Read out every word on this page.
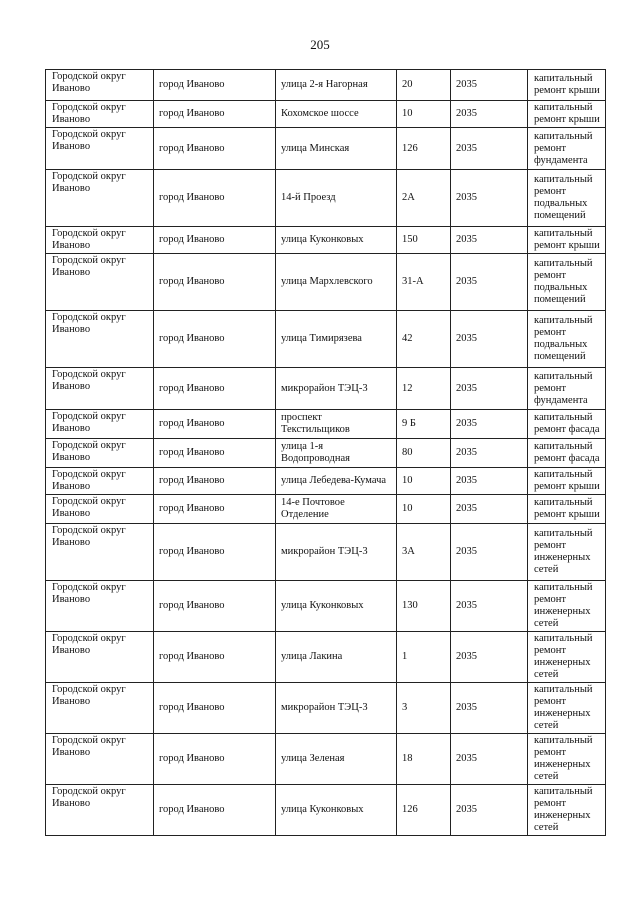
205
Городской округ Иваново	город Иваново	улица 2-я Нагорная	20	2035	капитальный ремонт крыши
Городской округ Иваново	город Иваново	Кохомское шоссе	10	2035	капитальный ремонт крыши
Городской округ Иваново	город Иваново	улица Минская	126	2035	капитальный ремонт фундамента
Городской округ Иваново	город Иваново	14-й Проезд	2А	2035	капитальный ремонт подвальных помещений
Городской округ Иваново	город Иваново	улица Куконковых	150	2035	капитальный ремонт крыши
Городской округ Иваново	город Иваново	улица Мархлевского	31-А	2035	капитальный ремонт подвальных помещений
Городской округ Иваново	город Иваново	улица Тимирязева	42	2035	капитальный ремонт подвальных помещений
Городской округ Иваново	город Иваново	микрорайон ТЭЦ-3	12	2035	капитальный ремонт фундамента
Городской округ Иваново	город Иваново	проспект Текстильщиков	9 Б	2035	капитальный ремонт фасада
Городской округ Иваново	город Иваново	улица 1-я Водопроводная	80	2035	капитальный ремонт фасада
Городской округ Иваново	город Иваново	улица Лебедева-Кумача	10	2035	капитальный ремонт крыши
Городской округ Иваново	город Иваново	14-е Почтовое Отделение	10	2035	капитальный ремонт крыши
Городской округ Иваново	город Иваново	микрорайон ТЭЦ-3	3А	2035	капитальный ремонт инженерных сетей
Городской округ Иваново	город Иваново	улица Куконковых	130	2035	капитальный ремонт инженерных сетей
Городской округ Иваново	город Иваново	улица Лакина	1	2035	капитальный ремонт инженерных сетей
Городской округ Иваново	город Иваново	микрорайон ТЭЦ-3	3	2035	капитальный ремонт инженерных сетей
Городской округ Иваново	город Иваново	улица Зеленая	18	2035	капитальный ремонт инженерных сетей
Городской округ Иваново	город Иваново	улица Куконковых	126	2035	капитальный ремонт инженерных сетей
